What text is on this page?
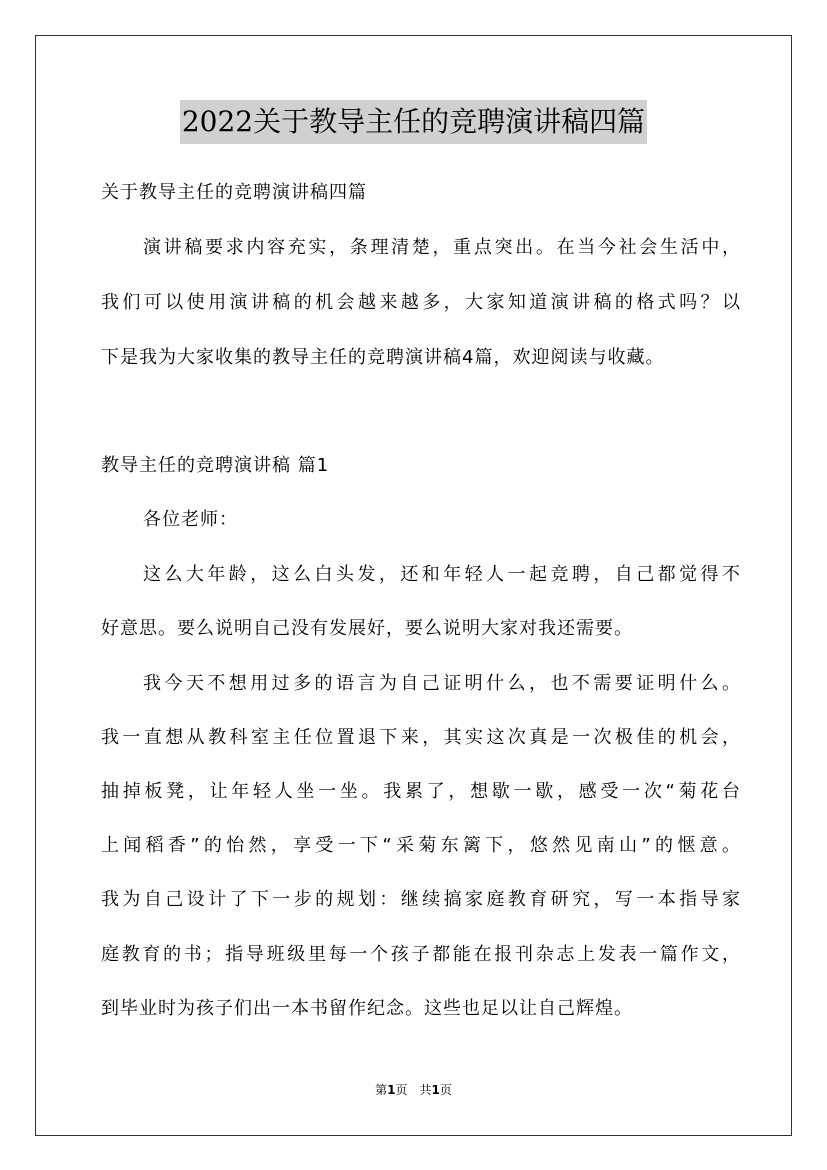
2022关于教导主任的竞聘演讲稿四篇
关于教导主任的竞聘演讲稿四篇
演讲稿要求内容充实，条理清楚，重点突出。在当今社会生活中，
我们可以使用演讲稿的机会越来越多，大家知道演讲稿的格式吗？以
下是我为大家收集的教导主任的竞聘演讲稿4篇，欢迎阅读与收藏。
教导主任的竞聘演讲稿 篇1
各位老师：
这么大年龄，这么白头发，还和年轻人一起竞聘，自己都觉得不
好意思。要么说明自己没有发展好，要么说明大家对我还需要。
我今天不想用过多的语言为自己证明什么，也不需要证明什么。
我一直想从教科室主任位置退下来，其实这次真是一次极佳的机会，
抽掉板凳，让年轻人坐一坐。我累了，想歇一歇，感受一次“菊花台
上闻稻香”的怡然，享受一下“采菊东篱下，悠然见南山”的惬意。
我为自己设计了下一步的规划：继续搞家庭教育研究，写一本指导家
庭教育的书；指导班级里每一个孩子都能在报刊杂志上发表一篇作文，
到毕业时为孩子们出一本书留作纪念。这些也足以让自己辉煌。
第1页　共1页
